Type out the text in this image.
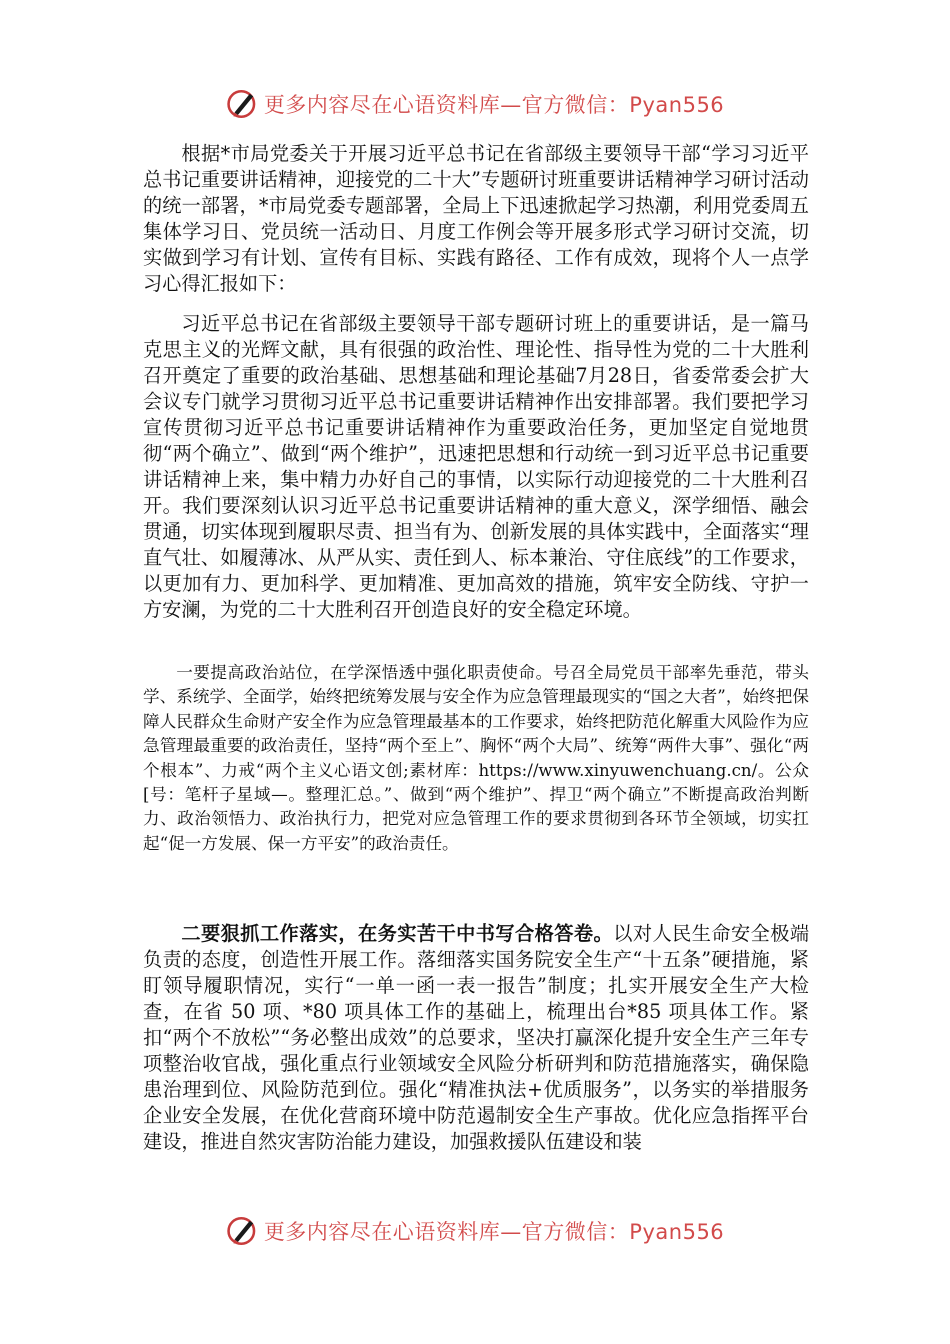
更多内容尽在心语资料库—官方微信：Pyan556

根据*市局党委关于开展习近平总书记在省部级主要领导干部“学习习近平总书记重要讲话精神，迎接党的二十大”专题研讨班重要讲话精神学习研讨活动的统一部署，*市局党委专题部署，全局上下迅速掀起学习热潮，利用党委周五集体学习日、党员统一活动日、月度工作例会等开展多形式学习研讨交流，切实做到学习有计划、宣传有目标、实践有路径、工作有成效，现将个人一点学习心得汇报如下：

习近平总书记在省部级主要领导干部专题研讨班上的重要讲话，是一篇马克思主义的光辉文献，具有很强的政治性、理论性、指导性为党的二十大胜利召开奠定了重要的政治基础、思想基础和理论基础7月28日，省委常委会扩大会议专门就学习贯彻习近平总书记重要讲话精神作出安排部署。我们要把学习宣传贯彻习近平总书记重要讲话精神作为重要政治任务，更加坚定自觉地贯彻“两个确立”、做到“两个维护”，迅速把思想和行动统一到习近平总书记重要讲话精神上来，集中精力办好自己的事情，以实际行动迎接党的二十大胜利召开。我们要深刻认识习近平总书记重要讲话精神的重大意义，深学细悟、融会贯通，切实体现到履职尽责、担当有为、创新发展的具体实践中，全面落实“理直气壮、如履薄冰、从严从实、责任到人、标本兼治、守住底线”的工作要求，以更加有力、更加科学、更加精准、更加高效的措施，筑牢安全防线、守护一方安澜，为党的二十大胜利召开创造良好的安全稳定环境。

一要提高政治站位，在学深悟透中强化职责使命。号召全局党员干部率先垂范，带头学、系统学、全面学，始终把统筹发展与安全作为应急管理最现实的“国之大者”，始终把保障人民群众生命财产安全作为应急管理最基本的工作要求，始终把防范化解重大风险作为应急管理最重要的政治责任，坚持“两个至上”、胸怀“两个大局”、统筹“两件大事”、强化“两个根本”、力戒“两个主义心语文创;素材库：https://www.xinyuwenchuang.cn/。公众[号：笔杆子星域—。整理汇总。”、做到“两个维护”、捍卫“两个确立”不断提高政治判断力、政治领悟力、政治执行力，把党对应急管理工作的要求贯彻到各环节全领域，切实扛起“促一方发展、保一方平安”的政治责任。

二要狠抓工作落实，在务实苦干中书写合格答卷。以对人民生命安全极端负责的态度，创造性开展工作。落细落实国务院安全生产“十五条”硬措施，紧盯领导履职情况，实行“一单一函一表一报告”制度；扎实开展安全生产大检查，在省 50 项、*80 项具体工作的基础上，梳理出台*85 项具体工作。紧扣“两个不放松”“务必整出成效”的总要求，坚决打赢深化提升安全生产三年专项整治收官战，强化重点行业领域安全风险分析研判和防范措施落实，确保隐患治理到位、风险防范到位。强化“精准执法+优质服务”，以务实的举措服务企业安全发展，在优化营商环境中防范遏制安全生产事故。优化应急指挥平台建设，推进自然灾害防治能力建设，加强救援队伍建设和装

更多内容尽在心语资料库—官方微信：Pyan556
